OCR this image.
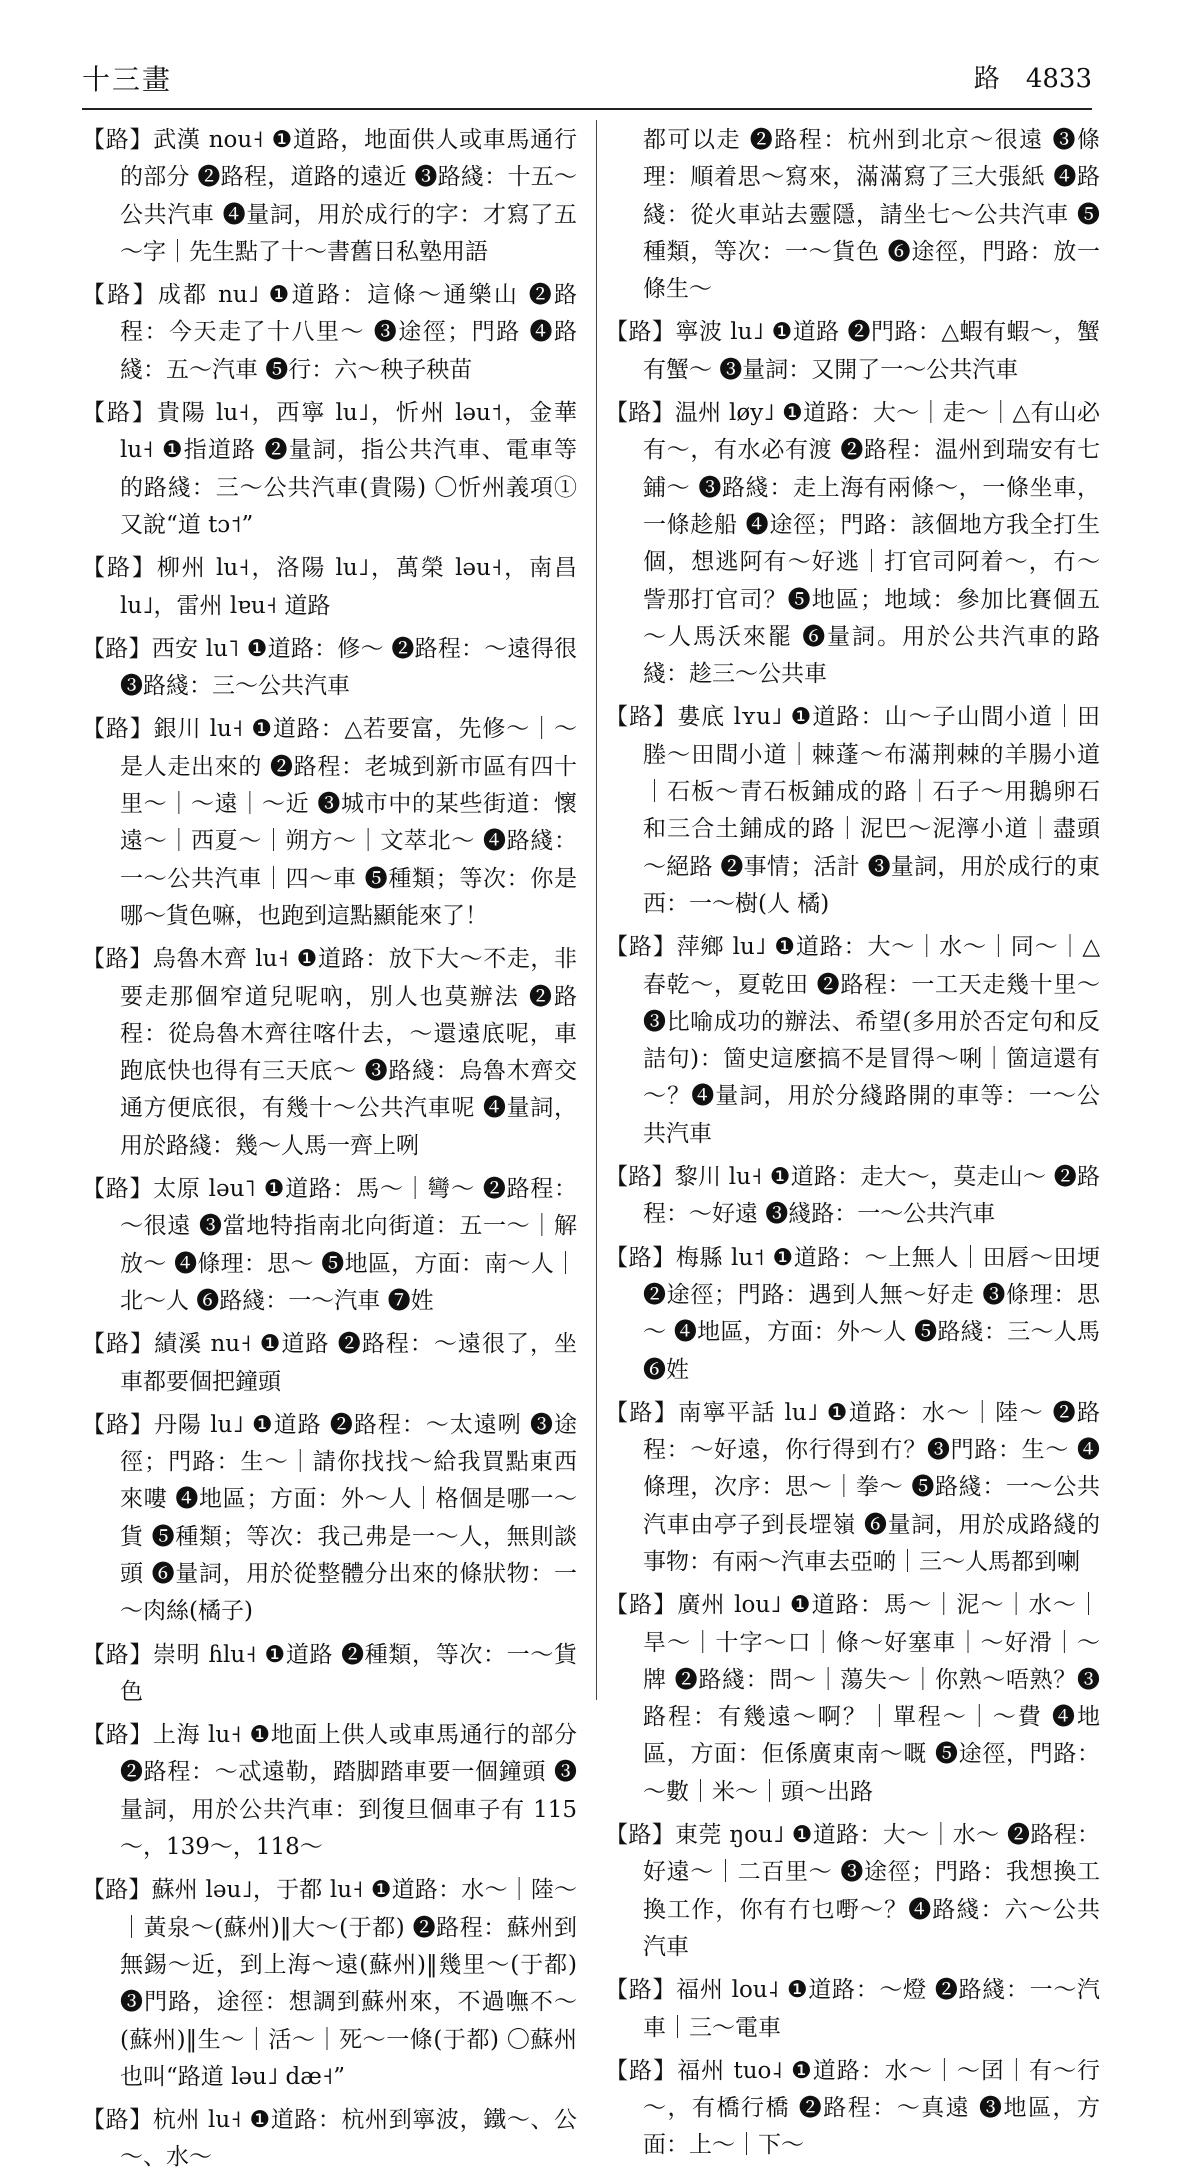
十三畫	路 4833
【 路 】 武漢 nou˧ ❶道路，地面供人或車馬通行的部分 ❷路程，道路的遠近 ❸路綫：十五～公共汽車 ❹量詞，用於成行的字：才寫了五～字｜先生點了十～書舊日私塾用語
【 路 】 成都 nu˩ ❶道路：這條～通樂山 ❷路程：今天走了十八里～ ❸途徑；門路 ❹路綫：五～汽車 ❺行：六～秧子秧苗
【 路 】 貴陽 lu˧，西寧 lu˩，忻州 ləu˦，金華 lu˧ ❶指道路 ❷量詞，指公共汽車、電車等的路綫：三～公共汽車(貴陽) 〇忻州義項①又說“道 tɔ˦”
【 路 】 柳州 lu˧，洛陽 lu˩，萬榮 ləu˧，南昌 lu˩，雷州 lɐu˧ 道路
【 路 】 西安 lu˥ ❶道路：修～ ❷路程：～遠得很 ❸路綫：三～公共汽車
【 路 】 銀川 lu˧ ❶道路：△若要富，先修～｜～是人走出來的 ❷路程：老城到新市區有四十里～｜～遠｜～近 ❸城市中的某些街道：懷遠～｜西夏～｜朔方～｜文萃北～ ❹路綫：一～公共汽車｜四～車 ❺種類；等次：你是哪～貨色嘛，也跑到這點顯能來了！
【 路 】 烏魯木齊 lu˧ ❶道路：放下大～不走，非要走那個窄道兒呢吶，別人也莫辦法 ❷路程：從烏魯木齊往喀什去，～還遠底呢，車跑底快也得有三天底～ ❸路綫：烏魯木齊交通方便底很，有幾十～公共汽車呢 ❹量詞，用於路綫：幾～人馬一齊上咧
【 路 】 太原 ləu˥ ❶道路：馬～｜彎～ ❷路程：～很遠 ❸當地特指南北向街道：五一～｜解放～ ❹條理：思～ ❺地區，方面：南～人｜北～人 ❻路綫：一～汽車 ❼姓
【 路 】 績溪 nu˧ ❶道路 ❷路程：～遠很了，坐車都要個把鐘頭
【 路 】 丹陽 lu˩ ❶道路 ❷路程：～太遠咧 ❸途徑；門路：生～｜請你找找～給我買點東西來嘍 ❹地區；方面：外～人｜格個是哪一～貨 ❺種類；等次：我己弗是一～人，無則談頭 ❻量詞，用於從整體分出來的條狀物：一～肉絲(橘子)
【 路 】 崇明 ɦlu˧ ❶道路 ❷種類，等次：一～貨色
【 路 】 上海 lu˧ ❶地面上供人或車馬通行的部分 ❷路程：～忒遠勒，踏脚踏車要一個鐘頭 ❸量詞，用於公共汽車：到復旦個車子有 115～，139～，118～
【 路 】 蘇州 ləu˩，于都 lu˧ ❶道路：水～｜陸～｜黃泉～(蘇州)‖大～(于都) ❷路程：蘇州到無錫～近，到上海～遠(蘇州)‖幾里～(于都) ❸門路，途徑：想調到蘇州來，不過嘸不～(蘇州)‖生～｜活～｜死～一條(于都) 〇蘇州也叫“路道 ləu˩ dæ˧”
【 路 】 杭州 lu˧ ❶道路：杭州到寧波，鐵～、公～、水～
都可以走 ❷路程：杭州到北京～很遠 ❸條理：順着思～寫來，滿滿寫了三大張紙 ❹路綫：從火車站去靈隱，請坐七～公共汽車 ❺種類，等次：一～貨色 ❻途徑，門路：放一條生～
【 路 】 寧波 lu˩ ❶道路 ❷門路：△蝦有蝦～，蟹有蟹～ ❸量詞：又開了一～公共汽車
【 路 】 温州 løy˩ ❶道路：大～｜走～｜△有山必有～，有水必有渡 ❷路程：温州到瑞安有七鋪～ ❸路綫：走上海有兩條～，一條坐車，一條趁船 ❹途徑；門路：該個地方我全打生個，想逃阿有～好逃｜打官司阿着～，冇～訾那打官司？❺地區；地域：參加比賽個五～人馬沃來罷 ❻量詞。用於公共汽車的路綫：趁三～公共車
【 路 】 婁底 lʏu˩ ❶道路：山～子山間小道｜田塍～田間小道｜棘蓬～布滿荆棘的羊腸小道｜石板～青石板鋪成的路｜石子～用鵝卵石和三合土鋪成的路｜泥巴～泥濘小道｜盡頭～絕路 ❷事情；活計 ❸量詞，用於成行的東西：一～樹(人 橘)
【 路 】 萍鄉 lu˩ ❶道路：大～｜水～｜同～｜△春乾～，夏乾田 ❷路程：一工天走幾十里～ ❸比喻成功的辦法、希望(多用於否定句和反詰句)：箇史這麼搞不是冒得～唎｜箇這還有～？❹量詞，用於分綫路開的車等：一～公共汽車
【 路 】 黎川 lu˧ ❶道路：走大～，莫走山～ ❷路程：～好遠 ❸綫路：一～公共汽車
【 路 】 梅縣 lu˦ ❶道路：～上無人｜田唇～田埂 ❷途徑；門路：遇到人無～好走 ❸條理：思～ ❹地區，方面：外～人 ❺路綫：三～人馬 ❻姓
【 路 】 南寧平話 lu˩ ❶道路：水～｜陸～ ❷路程：～好遠，你行得到冇？❸門路：生～ ❹條理，次序：思～｜拳～ ❺路綫：一～公共汽車由亭子到長堽嶺 ❻量詞，用於成路綫的事物：有兩～汽車去亞啲｜三～人馬都到喇
【 路 】 廣州 lou˩ ❶道路：馬～｜泥～｜水～｜旱～｜十字～口｜條～好塞車｜～好滑｜～牌 ❷路綫：問～｜蕩失～｜你熟～唔熟？❸路程：有幾遠～啊？｜單程～｜～費 ❹地區，方面：佢係廣東南～嘅 ❺途徑，門路：～數｜米～｜頭～出路
【 路 】 東莞 ŋou˩ ❶道路：大～｜水～ ❷路程：好遠～｜二百里～ ❸途徑；門路：我想換工換工作，你有冇乜嘢～？❹路綫：六～公共汽車
【 路 】 福州 lou˨ ❶道路：～燈 ❷路綫：一～汽車｜三～電車
【 路 】 福州 tuo˨ ❶道路：水～｜～囝｜有～行～，有橋行橋 ❷路程：～真遠 ❸地區，方面：上～｜下～
